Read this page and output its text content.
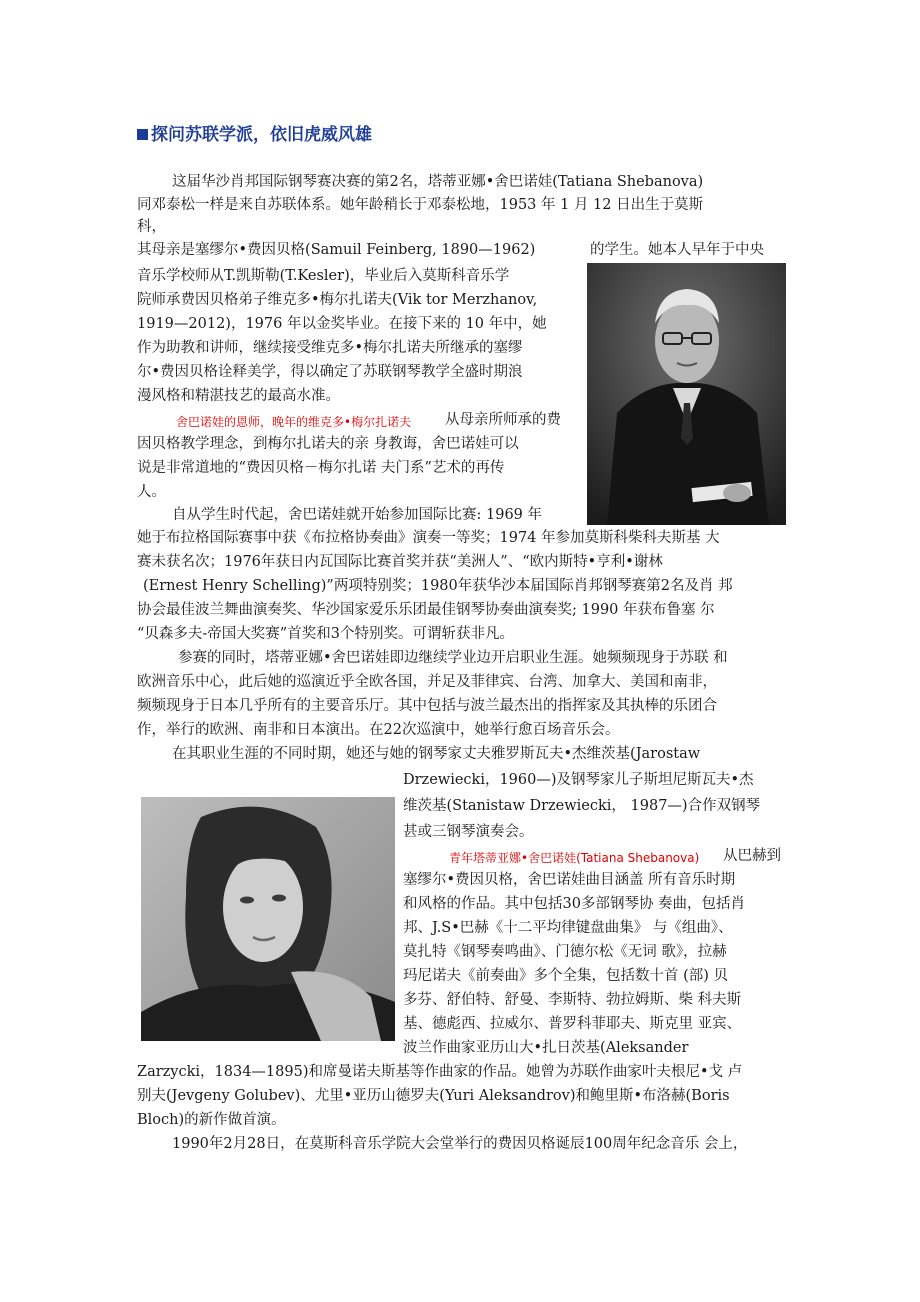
探问苏联学派，依旧虎威风雄

这届华沙肖邦国际钢琴赛决赛的第2名，塔蒂亚娜•舍巴诺娃(Tatiana Shebanova)

同邓泰松一样是来自苏联体系。她年龄稍长于邓泰松地，1953 年 1 月 12 日出生于莫斯

科，

其母亲是塞缪尔•费因贝格(Samuil Feinberg, 1890—1962)	的学生。她本人早年于中央

音乐学校师从T.凯斯勒(T.Kesler)，毕业后入莫斯科音乐学

院师承费因贝格弟子维克多•梅尔扎诺夫(Vik tor Merzhanov,

1919—2012)，1976 年以金奖毕业。在接下来的 10 年中，她

作为助教和讲师，继续接受维克多•梅尔扎诺夫所继承的塞缪

尔•费因贝格诠释美学，得以确定了苏联钢琴教学全盛时期浪

漫风格和精湛技艺的最高水准。

舍巴诺娃的恩师，晚年的维克多•梅尔扎诺夫 从母亲所师承的费

因贝格教学理念，到梅尔扎诺夫的亲 身教诲，舍巴诺娃可以

说是非常道地的“费因贝格－梅尔扎诺 夫门系”艺术的再传

人。

自从学生时代起，舍巴诺娃就开始参加国际比赛: 1969 年

她于布拉格国际赛事中获《布拉格协奏曲》演奏一等奖；1974 年参加莫斯科柴科夫斯基 大

赛未获名次；1976年获日内瓦国际比赛首奖并获“美洲人”、“欧内斯特•亨利•谢林

(Ernest Henry Schelling)”两项特别奖；1980年获华沙本届国际肖邦钢琴赛第2名及肖 邦

协会最佳波兰舞曲演奏奖、华沙国家爱乐乐团最佳钢琴协奏曲演奏奖; 1990 年获布鲁塞 尔

“贝森多夫-帝国大奖赛”首奖和3个特别奖。可谓斩获非凡。

参赛的同时，塔蒂亚娜•舍巴诺娃即边继续学业边开启职业生涯。她频频现身于苏联 和

欧洲音乐中心，此后她的巡演近乎全欧各国，并足及菲律宾、台湾、加拿大、美国和南非，

频频现身于日本几乎所有的主要音乐厅。其中包括与波兰最杰出的指挥家及其执棒的乐团合

作，举行的欧洲、南非和日本演出。在22次巡演中，她举行愈百场音乐会。

在其职业生涯的不同时期，她还与她的钢琴家丈夫雅罗斯瓦夫•杰维茨基(Jarostaw

Drzewiecki，1960—)及钢琴家儿子斯坦尼斯瓦夫•杰

维茨基(Stanistaw Drzewiecki， 1987—)合作双钢琴

甚或三钢琴演奏会。

青年塔蒂亚娜•舍巴诺娃(Tatiana Shebanova) 从巴赫到

塞缪尔•费因贝格，舍巴诺娃曲目涵盖 所有音乐时期

和风格的作品。其中包括30多部钢琴协 奏曲，包括肖

邦、J.S•巴赫《十二平均律键盘曲集》 与《组曲》、

莫扎特《钢琴奏鸣曲》、门德尔松《无词 歌》，拉赫

玛尼诺夫《前奏曲》多个全集，包括数十首 (部) 贝

多芬、舒伯特、舒曼、李斯特、勃拉姆斯、柴 科夫斯

基、德彪西、拉威尔、普罗科菲耶夫、斯克里 亚宾、

波兰作曲家亚历山大•扎日茨基(Aleksander

Zarzycki，1834—1895)和席曼诺夫斯基等作曲家的作品。她曾为苏联作曲家叶夫根尼•戈 卢

别夫(Jevgeny Golubev)、尤里•亚历山德罗夫(Yuri Aleksandrov)和鲍里斯•布洛赫(Boris

Bloch)的新作做首演。

1990年2月28日，在莫斯科音乐学院大会堂举行的费因贝格诞辰100周年纪念音乐 会上，
